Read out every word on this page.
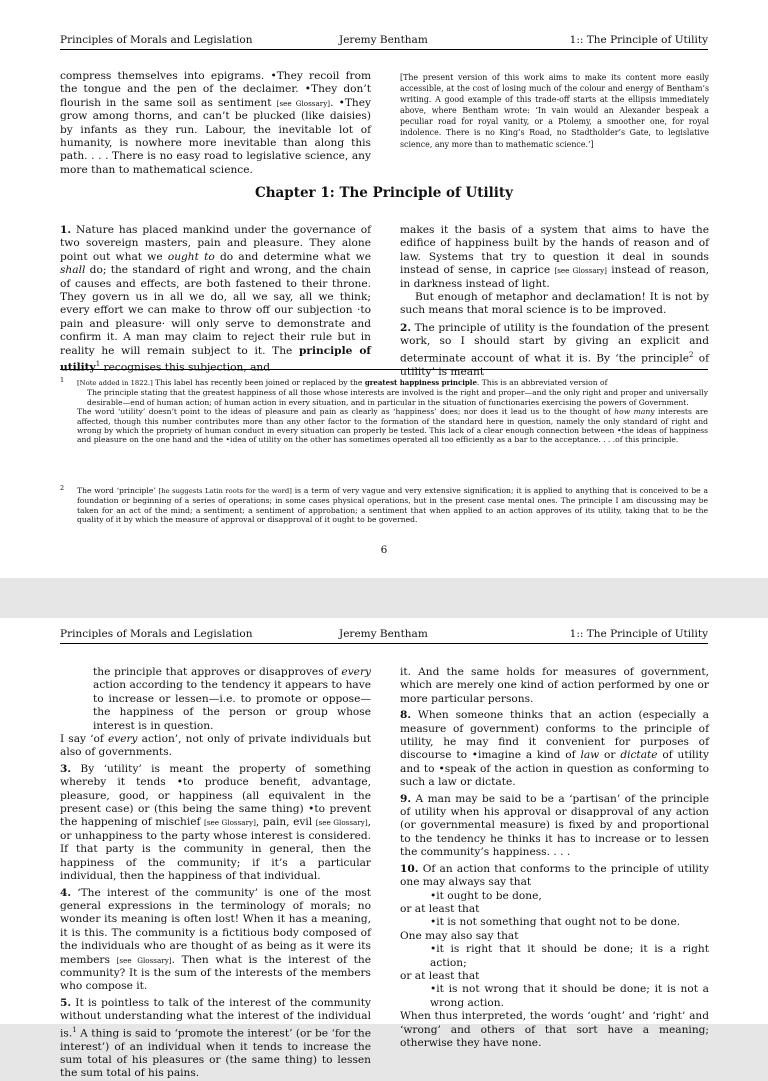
Principles of Morals and Legislation	Jeremy Bentham	1:: The Principle of Utility

compress themselves into epigrams. •They recoil from the tongue and the pen of the declaimer. •They don’t flourish in the same soil as sentiment [see Glossary]. •They grow among thorns, and can’t be plucked (like daisies) by infants as they run. Labour, the inevitable lot of humanity, is nowhere more inevitable than along this path. . . . There is no easy road to legislative science, any more than to mathematical science.

[The present version of this work aims to make its content more easily accessible, at the cost of losing much of the colour and energy of Bentham’s writing. A good example of this trade-off starts at the ellipsis immediately above, where Bentham wrote: ‘In vain would an Alexander bespeak a peculiar road for royal vanity, or a Ptolemy, a smoother one, for royal indolence. There is no King’s Road, no Stadtholder’s Gate, to legislative science, any more than to mathematic science.’]

Chapter 1: The Principle of Utility

1. Nature has placed mankind under the governance of two sovereign masters, pain and pleasure. They alone point out what we ought to do and determine what we shall do; the standard of right and wrong, and the chain of causes and effects, are both fastened to their throne. They govern us in all we do, all we say, all we think; every effort we can make to throw off our subjection ·to pain and pleasure· will only serve to demonstrate and confirm it. A man may claim to reject their rule but in reality he will remain subject to it. The principle of utility$^1$ recognises this subjection, and

makes it the basis of a system that aims to have the edifice of happiness built by the hands of reason and of law. Systems that try to question it deal in sounds instead of sense, in caprice [see Glossary] instead of reason, in darkness instead of light.

But enough of metaphor and declamation! It is not by such means that moral science is to be improved.

2. The principle of utility is the foundation of the present work, so I should start by giving an explicit and determinate account of what it is. By ‘the principle$^2$ of utility’ is meant

1 [Note added in 1822.] This label has recently been joined or replaced by the greatest happiness principle. This is an abbreviated version of

The principle stating that the greatest happiness of all those whose interests are involved is the right and proper—and the only right and proper and universally desirable—end of human action; of human action in every situation, and in particular in the situation of functionaries exercising the powers of Government.

The word ‘utility’ doesn’t point to the ideas of pleasure and pain as clearly as ‘happiness’ does; nor does it lead us to the thought of how many interests are affected, though this number contributes more than any other factor to the formation of the standard here in question, namely the only standard of right and wrong by which the propriety of human conduct in every situation can properly be tested. This lack of a clear enough connection between •the ideas of happiness and pleasure on the one hand and the •idea of utility on the other has sometimes operated all too efficiently as a bar to the acceptance. . . .of this principle.

2 The word ‘principle’ [he suggests Latin roots for the word] is a term of very vague and very extensive signification; it is applied to anything that is conceived to be a foundation or beginning of a series of operations; in some cases physical operations, but in the present case mental ones. The principle I am discussing may be taken for an act of the mind; a sentiment; a sentiment of approbation; a sentiment that when applied to an action approves of its utility, taking that to be the quality of it by which the measure of approval or disapproval of it ought to be governed.

6
Principles of Morals and Legislation	Jeremy Bentham	1:: The Principle of Utility

the principle that approves or disapproves of every action according to the tendency it appears to have to increase or lessen—i.e. to promote or oppose—the happiness of the person or group whose interest is in question.

I say ‘of every action’, not only of private individuals but also of governments.

3. By ‘utility’ is meant the property of something whereby it tends •to produce benefit, advantage, pleasure, good, or happiness (all equivalent in the present case) or (this being the same thing) •to prevent the happening of mischief [see Glossary], pain, evil [see Glossary], or unhappiness to the party whose interest is considered. If that party is the community in general, then the happiness of the community; if it’s a particular individual, then the happiness of that individual.

4. ‘The interest of the community’ is one of the most general expressions in the terminology of morals; no wonder its meaning is often lost! When it has a meaning, it is this. The community is a fictitious body composed of the individuals who are thought of as being as it were its members [see Glossary]. Then what is the interest of the community? It is the sum of the interests of the members who compose it.

5. It is pointless to talk of the interest of the community without understanding what the interest of the individual is.$^1$ A thing is said to ‘promote the interest’ (or be ‘for the interest’) of an individual when it tends to increase the sum total of his pleasures or (the same thing) to lessen the sum total of his pains.

it. And the same holds for measures of government, which are merely one kind of action performed by one or more particular persons.

8. When someone thinks that an action (especially a measure of government) conforms to the principle of utility, he may find it convenient for purposes of discourse to •imagine a kind of law or dictate of utility and to •speak of the action in question as conforming to such a law or dictate.

9. A man may be said to be a ‘partisan’ of the principle of utility when his approval or disapproval of any action (or governmental measure) is fixed by and proportional to the tendency he thinks it has to increase or to lessen the community’s happiness. . . .

10. Of an action that conforms to the principle of utility one may always say that

•it ought to be done,

or at least that

•it is not something that ought not to be done.

One may also say that

•it is right that it should be done; it is a right action;

or at least that

•it is not wrong that it should be done; it is not a wrong action.

When thus interpreted, the words ‘ought’ and ‘right’ and ‘wrong’ and others of that sort have a meaning; otherwise they have none.
